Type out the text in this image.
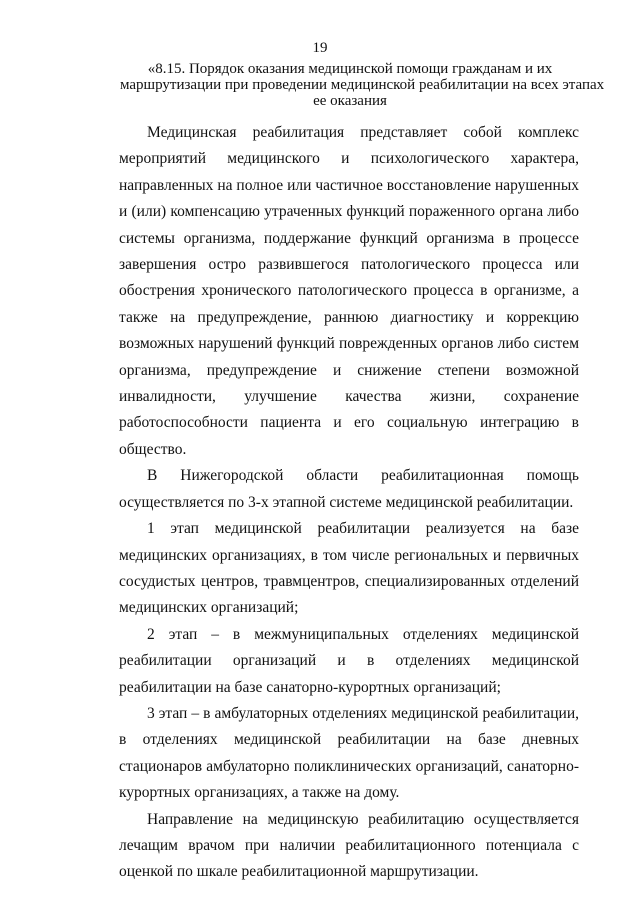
19
«8.15. Порядок оказания медицинской помощи гражданам и их
маршрутизации при проведении медицинской реабилитации на всех этапах
ее оказания

Медицинская реабилитация представляет собой комплекс мероприятий медицинского и психологического характера, направленных на полное или частичное восстановление нарушенных и (или) компенсацию утраченных функций пораженного органа либо системы организма, поддержание функций организма в процессе завершения остро развившегося патологического процесса или обострения хронического патологического процесса в организме, а также на предупреждение, раннюю диагностику и коррекцию возможных нарушений функций поврежденных органов либо систем организма, предупреждение и снижение степени возможной инвалидности, улучшение качества жизни, сохранение работоспособности пациента и его социальную интеграцию в общество.

В Нижегородской области реабилитационная помощь осуществляется по 3-х этапной системе медицинской реабилитации.

1 этап медицинской реабилитации реализуется на базе медицинских организациях, в том числе региональных и первичных сосудистых центров, травмцентров, специализированных отделений медицинских организаций;

2 этап – в межмуниципальных отделениях медицинской реабилитации организаций и в отделениях медицинской реабилитации на базе санаторно-курортных организаций;

3 этап – в амбулаторных отделениях медицинской реабилитации, в отделениях медицинской реабилитации на базе дневных стационаров амбулаторно поликлинических организаций, санаторно-курортных организациях, а также на дому.

Направление на медицинскую реабилитацию осуществляется лечащим врачом при наличии реабилитационного потенциала с оценкой по шкале реабилитационной маршрутизации.
